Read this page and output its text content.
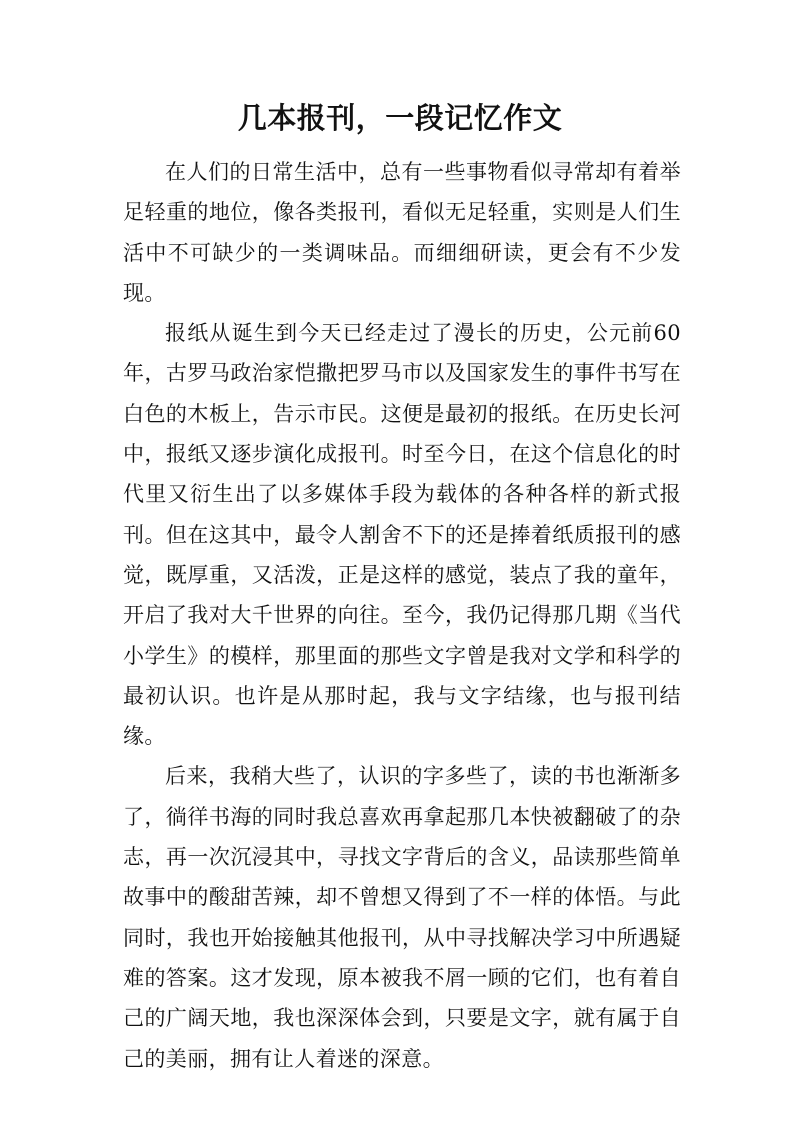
几本报刊，一段记忆作文

在人们的日常生活中，总有一些事物看似寻常却有着举足轻重的地位，像各类报刊，看似无足轻重，实则是人们生活中不可缺少的一类调味品。而细细研读，更会有不少发现。

报纸从诞生到今天已经走过了漫长的历史，公元前60年，古罗马政治家恺撒把罗马市以及国家发生的事件书写在白色的木板上，告示市民。这便是最初的报纸。在历史长河中，报纸又逐步演化成报刊。时至今日，在这个信息化的时代里又衍生出了以多媒体手段为载体的各种各样的新式报刊。但在这其中，最令人割舍不下的还是捧着纸质报刊的感觉，既厚重，又活泼，正是这样的感觉，装点了我的童年，开启了我对大千世界的向往。至今，我仍记得那几期《当代小学生》的模样，那里面的那些文字曾是我对文学和科学的最初认识。也许是从那时起，我与文字结缘，也与报刊结缘。

后来，我稍大些了，认识的字多些了，读的书也渐渐多了，徜徉书海的同时我总喜欢再拿起那几本快被翻破了的杂志，再一次沉浸其中，寻找文字背后的含义，品读那些简单故事中的酸甜苦辣，却不曾想又得到了不一样的体悟。与此同时，我也开始接触其他报刊，从中寻找解决学习中所遇疑难的答案。这才发现，原本被我不屑一顾的它们，也有着自己的广阔天地，我也深深体会到，只要是文字，就有属于自己的美丽，拥有让人着迷的深意。
